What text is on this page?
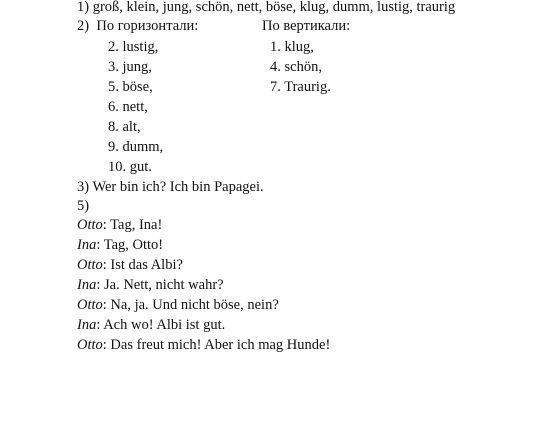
1) groß, klein, jung, schön, nett, böse, klug, dumm, lustig, traurig
2) По горизонтали:	По вертикали:
2. lustig,
3. jung,
5. böse,
6. nett,
8. alt,
9. dumm,
10. gut.
1. klug,
4. schön,
7. Traurig.
3) Wer bin ich? Ich bin Papagei.
5)
Otto: Tag, Ina!
Ina: Tag, Otto!
Otto: Ist das Albi?
Ina: Ja. Nett, nicht wahr?
Otto: Na, ja. Und nicht böse, nein?
Ina: Ach wo! Albi ist gut.
Otto: Das freut mich! Aber ich mag Hunde!
